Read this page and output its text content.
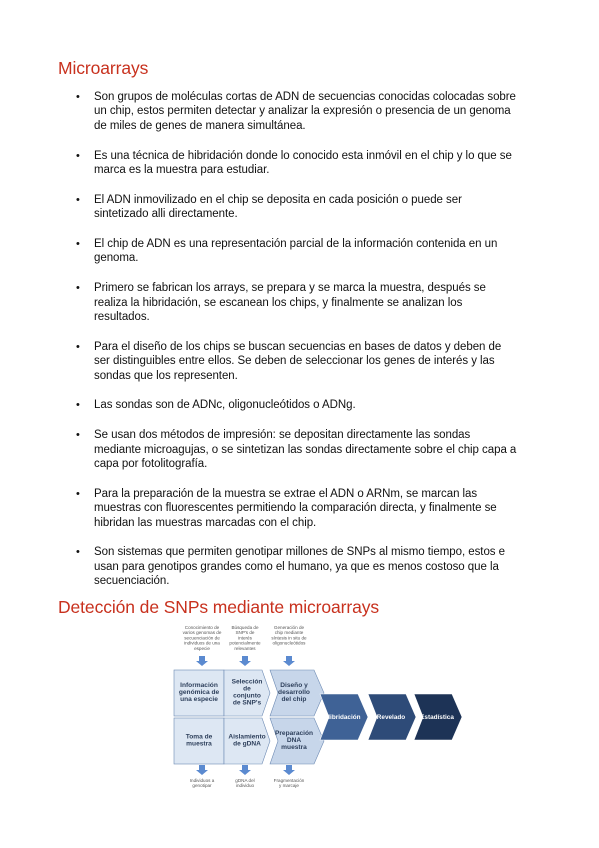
Microarrays
• Son grupos de moléculas cortas de ADN de secuencias conocidas colocadas sobre
un chip, estos permiten detectar y analizar la expresión o presencia de un genoma
de miles de genes de manera simultánea.
• Es una técnica de hibridación donde lo conocido esta inmóvil en el chip y lo que se
marca es la muestra para estudiar.
• El ADN inmovilizado en el chip se deposita en cada posición o puede ser
sintetizado alli directamente.
• El chip de ADN es una representación parcial de la información contenida en un
genoma.
• Primero se fabrican los arrays, se prepara y se marca la muestra, después se
realiza la hibridación, se escanean los chips, y finalmente se analizan los
resultados.
• Para el diseño de los chips se buscan secuencias en bases de datos y deben de
ser distinguibles entre ellos. Se deben de seleccionar los genes de interés y las
sondas que los representen.
• Las sondas son de ADNc, oligonucleótidos o ADNg.
• Se usan dos métodos de impresión: se depositan directamente las sondas
mediante microagujas, o se sintetizan las sondas directamente sobre el chip capa a
capa por fotolitografía.
• Para la preparación de la muestra se extrae el ADN o ARNm, se marcan las
muestras con fluorescentes permitiendo la comparación directa, y finalmente se
hibridan las muestras marcadas con el chip.
• Son sistemas que permiten genotipar millones de SNPs al mismo tiempo, estos e
usan para genotipos grandes como el humano, ya que es menos costoso que la
secuenciación.
Detección de SNPs mediante microarrays
Conocimiento de varios genomas de secuenciación de individuos de una especie
Búsqueda de SNP's de interés potencialmente relevantes
Generación de chip mediante síntesis in situ de oligonucleótidos
Hibridación	Revelado Estadística
Información genómica de una especie
Selección de conjunto de SNP's
Diseño y desarrollo del chip
Toma de muestra
Aislamiento de gDNA
Preparación DNA muestra
Individuos a genotipar
gDNA del individuo
Fragmentación y marcaje
